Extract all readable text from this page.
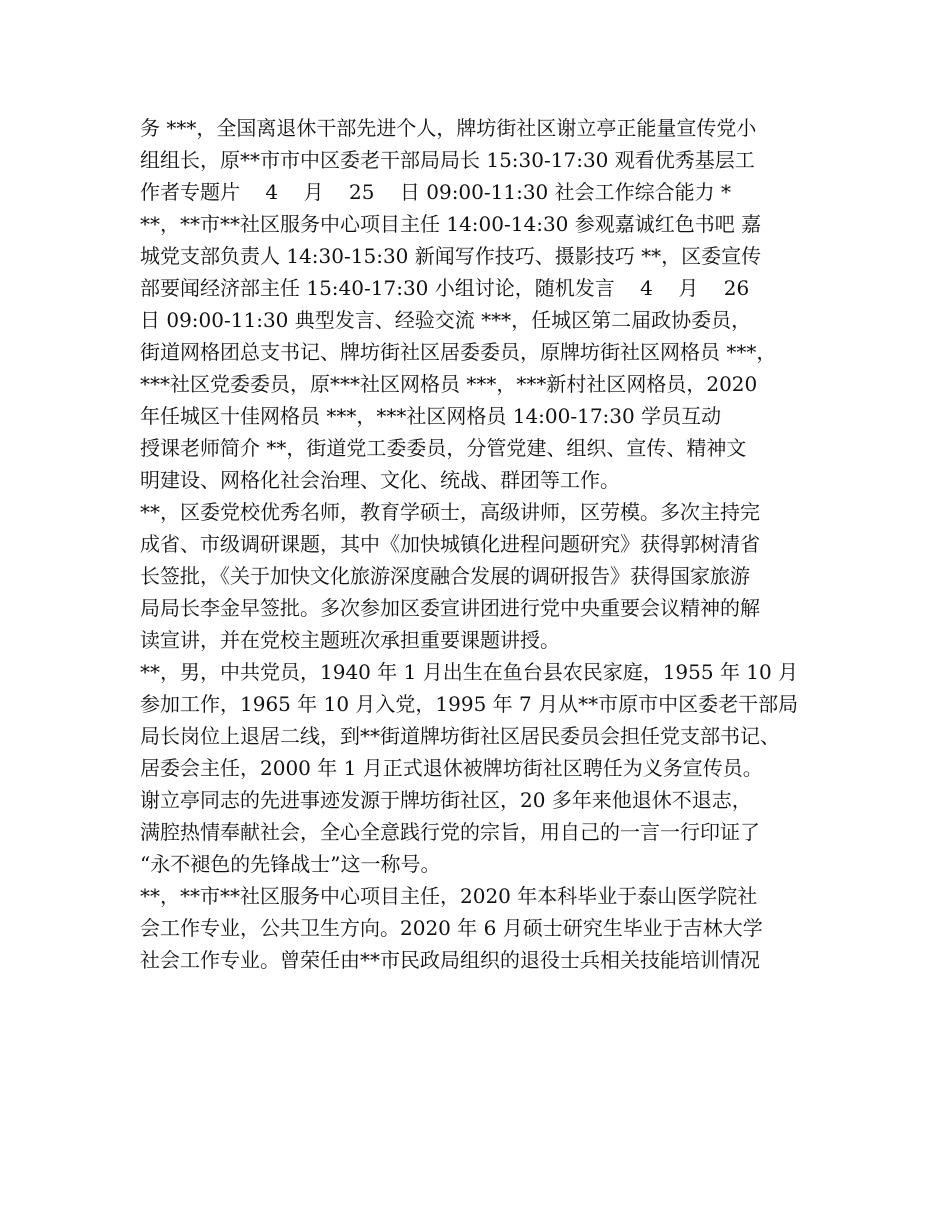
务 ***，全国离退休干部先进个人，牌坊街社区谢立亭正能量宣传党小
组组长，原**市市中区委老干部局局长 15:30-17:30 观看优秀基层工
作者专题片    4    月    25    日 09:00-11:30 社会工作综合能力 *
**，**市**社区服务中心项目主任 14:00-14:30 参观嘉诚红色书吧 嘉
城党支部负责人 14:30-15:30 新闻写作技巧、摄影技巧 **，区委宣传
部要闻经济部主任 15:40-17:30 小组讨论，随机发言    4    月    26
日 09:00-11:30 典型发言、经验交流 ***，任城区第二届政协委员，
街道网格团总支书记、牌坊街社区居委委员，原牌坊街社区网格员 ***，
***社区党委委员，原***社区网格员 ***，***新村社区网格员，2020
年任城区十佳网格员 ***，***社区网格员 14:00-17:30 学员互动
授课老师简介 **，街道党工委委员，分管党建、组织、宣传、精神文
明建设、网格化社会治理、文化、统战、群团等工作。
**，区委党校优秀名师，教育学硕士，高级讲师，区劳模。多次主持完
成省、市级调研课题，其中《加快城镇化进程问题研究》获得郭树清省
长签批，《关于加快文化旅游深度融合发展的调研报告》获得国家旅游
局局长李金早签批。多次参加区委宣讲团进行党中央重要会议精神的解
读宣讲，并在党校主题班次承担重要课题讲授。
**，男，中共党员，1940 年 1 月出生在鱼台县农民家庭，1955 年 10 月
参加工作，1965 年 10 月入党，1995 年 7 月从**市原市中区委老干部局
局长岗位上退居二线，到**街道牌坊街社区居民委员会担任党支部书记、
居委会主任，2000 年 1 月正式退休被牌坊街社区聘任为义务宣传员。
谢立亭同志的先进事迹发源于牌坊街社区，20 多年来他退休不退志，
满腔热情奉献社会，全心全意践行党的宗旨，用自己的一言一行印证了
“永不褪色的先锋战士”这一称号。
**，**市**社区服务中心项目主任，2020 年本科毕业于泰山医学院社
会工作专业，公共卫生方向。2020 年 6 月硕士研究生毕业于吉林大学
社会工作专业。曾荣任由**市民政局组织的退役士兵相关技能培训情况
